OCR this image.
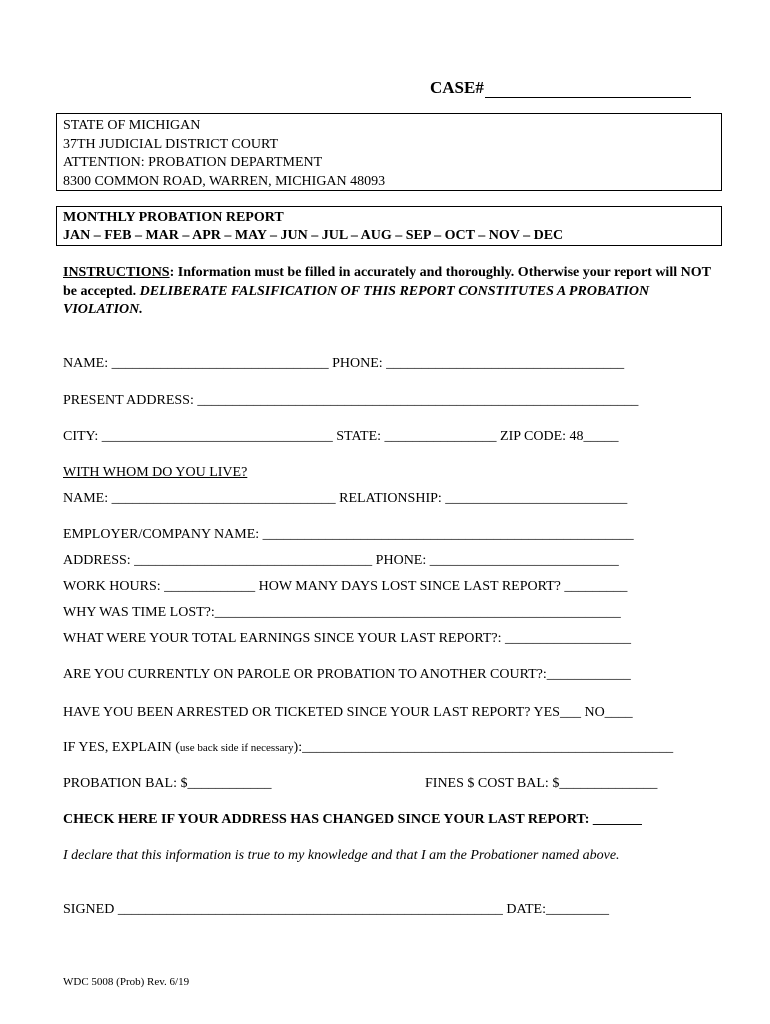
CASE#
STATE OF MICHIGAN
37TH JUDICIAL DISTRICT COURT
ATTENTION: PROBATION DEPARTMENT
8300 COMMON ROAD, WARREN, MICHIGAN 48093
MONTHLY PROBATION REPORT
JAN – FEB – MAR – APR – MAY – JUN – JUL – AUG – SEP – OCT – NOV – DEC
INSTRUCTIONS: Information must be filled in accurately and thoroughly. Otherwise your report will NOT be accepted. DELIBERATE FALSIFICATION OF THIS REPORT CONSTITUTES A PROBATION VIOLATION.
NAME: _______________________________ PHONE: __________________________________
PRESENT ADDRESS: _______________________________________________________________
CITY: _________________________________ STATE: ________________ ZIP CODE: 48_____
WITH WHOM DO YOU LIVE?
NAME: ________________________________ RELATIONSHIP: __________________________
EMPLOYER/COMPANY NAME: _____________________________________________________
ADDRESS: __________________________________ PHONE: ___________________________
WORK HOURS: _____________ HOW MANY DAYS LOST SINCE LAST REPORT? _________
WHY WAS TIME LOST?:__________________________________________________________
WHAT WERE YOUR TOTAL EARNINGS SINCE YOUR LAST REPORT?: __________________
ARE YOU CURRENTLY ON PAROLE OR PROBATION TO ANOTHER COURT?:____________
HAVE YOU BEEN ARRESTED OR TICKETED SINCE YOUR LAST REPORT? YES___ NO____
IF YES, EXPLAIN (use back side if necessary):_____________________________________________________
PROBATION BAL: $____________	FINES $ COST BAL: $______________
CHECK HERE IF YOUR ADDRESS HAS CHANGED SINCE YOUR LAST REPORT: _______
I declare that this information is true to my knowledge and that I am the Probationer named above.
SIGNED _______________________________________________________ DATE:_________
WDC 5008 (Prob) Rev. 6/19
